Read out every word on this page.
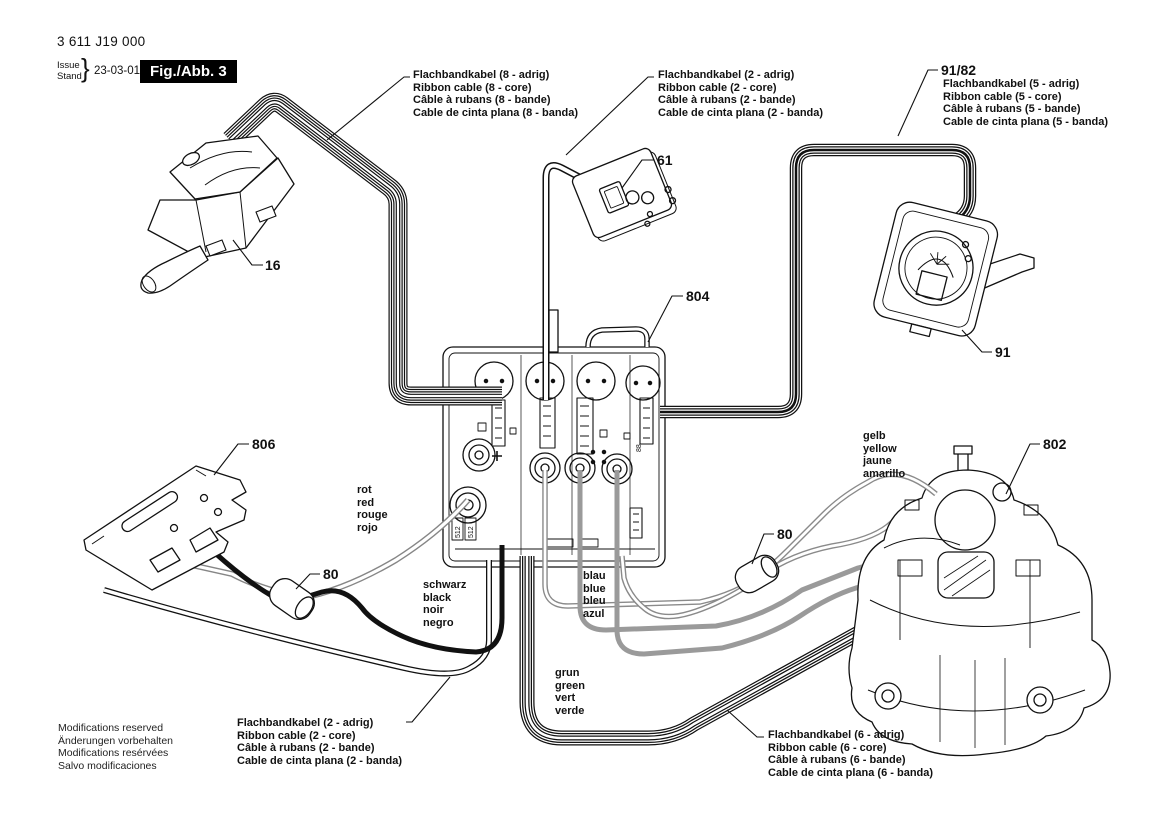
512 512
88
3 611 J19 000
Issue
Stand } 23-03-01 Fig./Abb. 3
16
61
804
806
80
80
91
802
91/82
Flachbandkabel (8 - adrig)
Ribbon cable (8 - core)
Câble à rubans (8 - bande)
Cable de cinta plana (8 - banda)
Flachbandkabel (2 - adrig)
Ribbon cable (2 - core)
Câble à rubans (2 - bande)
Cable de cinta plana (2 - banda)
Flachbandkabel (5 - adrig)
Ribbon cable (5 - core)
Câble à rubans (5 - bande)
Cable de cinta plana (5 - banda)
Flachbandkabel (2 - adrig)
Ribbon cable (2 - core)
Câble à rubans (2 - bande)
Cable de cinta plana (2 - banda)
Flachbandkabel (6 - adrig)
Ribbon cable (6 - core)
Câble à rubans (6 - bande)
Cable de cinta plana (6 - banda)
rot
red
rouge
rojo
schwarz
black
noir
negro
blau
blue
bleu
azul
grun
green
vert
verde
gelb
yellow
jaune
amarillo
Modifications reserved
Änderungen vorbehalten
Modifications resérvées
Salvo modificaciones
